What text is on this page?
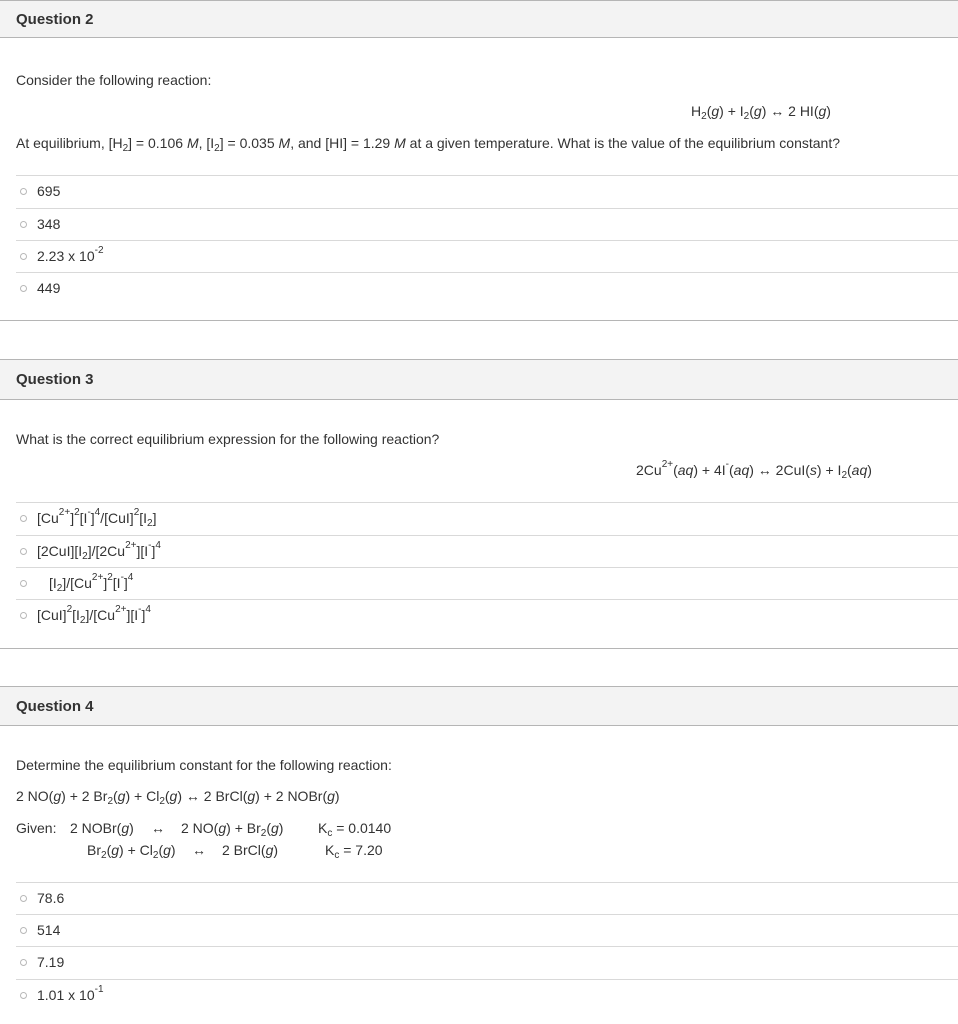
Question 2
Consider the following reaction:
$H_2(g) + I_2(g)$ ↔ 2 HI(g)
At equilibrium, $[H_2] = 0.106$ M, $[I_2] = 0.035$ M, and [HI] = 1.29 M at a given temperature. What is the value of the equilibrium constant?
695
348
2.23 x $10^{-2}$
449
Question 3
What is the correct equilibrium expression for the following reaction?
$2Cu^{2+}(aq) + 4I^-(aq)$ ↔ $2CuI(s) + I_2(aq)$
$[Cu^{2+}]^2[I^-]^4/[CuI]^2[I_2]$
$[2CuI][I_2]/[2Cu^{2+}][I^-]^4$
$[I_2]/[Cu^{2+}]^2[I^-]^4$
$[CuI]^2[I_2]/[Cu^{2+}][I^-]^4$
Question 4
Determine the equilibrium constant for the following reaction:
2 NO(g) + 2 $Br_2(g) + Cl_2(g)$ ↔ 2 BrCl(g) + 2 NOBr(g)
Given: 2 NOBr(g) ↔ 2 $NO(g) + Br_2(g) K_c = 0.0140$
$Br_2(g) + Cl_2(g)$ ↔ 2 BrCl(g)	$K_c = 7.20$
78.6
514
7.19
1.01 x $10^{-1}$
